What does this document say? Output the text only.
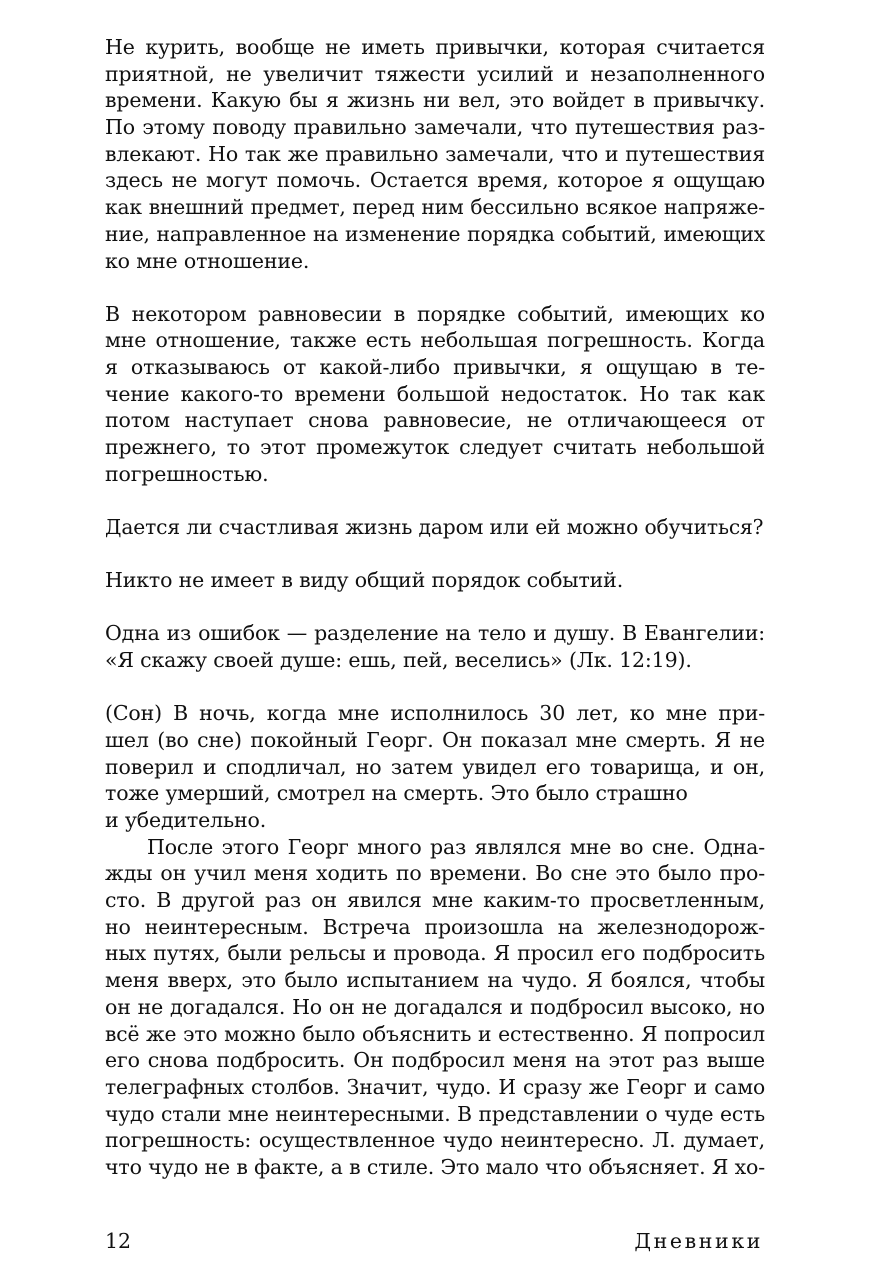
Не курить, вообще не иметь привычки, которая считается
приятной, не увеличит тяжести усилий и незаполненного
времени. Какую бы я жизнь ни вел, это войдет в привычку.
По этому поводу правильно замечали, что путешествия раз-
влекают. Но так же правильно замечали, что и путешествия
здесь не могут помочь. Остается время, которое я ощущаю
как внешний предмет, перед ним бессильно всякое напряже-
ние, направленное на изменение порядка событий, имеющих
ко мне отношение.
В некотором равновесии в порядке событий, имеющих ко
мне отношение, также есть небольшая погрешность. Когда
я отказываюсь от какой-либо привычки, я ощущаю в те-
чение какого-то времени большой недостаток. Но так как
потом наступает снова равновесие, не отличающееся от
прежнего, то этот промежуток следует считать небольшой
погрешностью.
Дается ли счастливая жизнь даром или ей можно обучиться?
Никто не имеет в виду общий порядок событий.
Одна из ошибок — разделение на тело и душу. В Евангелии:
«Я скажу своей душе: ешь, пей, веселись» (Лк. 12:19).
(Сон) В ночь, когда мне исполнилось 30 лет, ко мне при-
шел (во сне) покойный Георг. Он показал мне смерть. Я не
поверил и сподличал, но затем увидел его товарища, и он,
тоже умерший, смотрел на смерть. Это было страшно
и убедительно.
После этого Георг много раз являлся мне во сне. Одна-
жды он учил меня ходить по времени. Во сне это было про-
сто. В другой раз он явился мне каким-то просветленным,
но неинтересным. Встреча произошла на железнодорож-
ных путях, были рельсы и провода. Я просил его подбросить
меня вверх, это было испытанием на чудо. Я боялся, чтобы
он не догадался. Но он не догадался и подбросил высоко, но
всё же это можно было объяснить и естественно. Я попросил
его снова подбросить. Он подбросил меня на этот раз выше
телеграфных столбов. Значит, чудо. И сразу же Георг и само
чудо стали мне неинтересными. В представлении о чуде есть
погрешность: осуществленное чудо неинтересно. Л. думает,
что чудо не в факте, а в стиле. Это мало что объясняет. Я хо-
12	Дневники
